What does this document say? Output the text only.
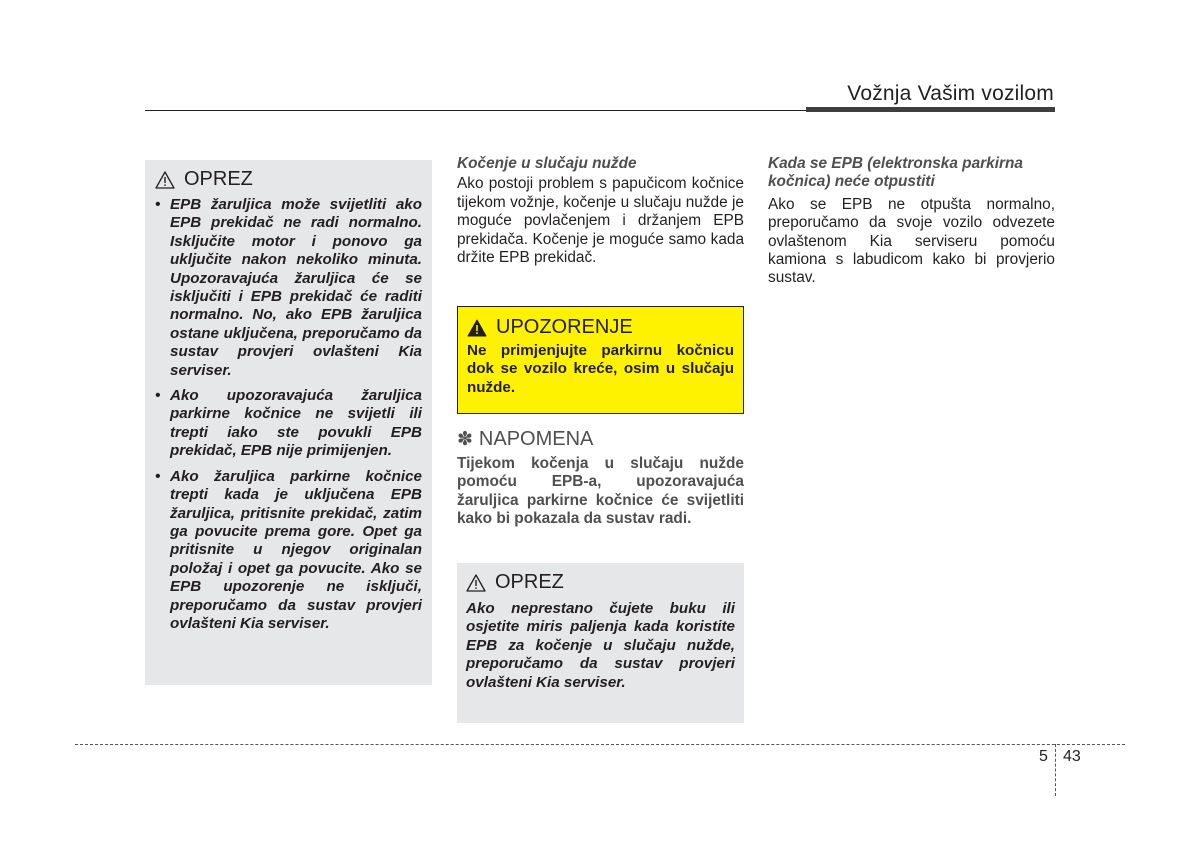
Vožnja Vašim vozilom
OPREZ
• EPB žaruljica može svijetliti ako EPB prekidač ne radi normalno. Isključite motor i ponovo ga uključite nakon nekoliko minuta. Upozoravajuća žaruljica će se isključiti i EPB prekidač će raditi normalno. No, ako EPB žaruljica ostane uključena, preporučamo da sustav provjeri ovlašteni Kia serviser.
• Ako upozoravajuća žaruljica parkirne kočnice ne svijetli ili trepti iako ste povukli EPB prekidač, EPB nije primijenjen.
• Ako žaruljica parkirne kočnice trepti kada je uključena EPB žaruljica, pritisnite prekidač, zatim ga povucite prema gore. Opet ga pritisnite u njegov originalan položaj i opet ga povucite. Ako se EPB upozorenje ne isključi, preporučamo da sustav provjeri ovlašteni Kia serviser.

Kočenje u slučaju nužde

Ako postoji problem s papučicom kočnice tijekom vožnje, kočenje u slučaju nužde je moguće povlačenjem i držanjem EPB prekidača. Kočenje je moguće samo kada držite EPB prekidač.

UPOZORENJE
Ne primjenjujte parkirnu kočnicu dok se vozilo kreće, osim u slučaju nužde.
✽ NAPOMENA
Tijekom kočenja u slučaju nužde pomoću EPB-a, upozoravajuća žaruljica parkirne kočnice će svijetliti kako bi pokazala da sustav radi.
OPREZ
Ako neprestano čujete buku ili osjetite miris paljenja kada koristite EPB za kočenje u slučaju nužde, preporučamo da sustav provjeri ovlašteni Kia serviser.

Kada se EPB (elektronska parkirna kočnica) neće otpustiti

Ako se EPB ne otpušta normalno, preporučamo da svoje vozilo odvezete ovlaštenom Kia serviseru pomoću kamiona s labudicom kako bi provjerio sustav.

5 43
